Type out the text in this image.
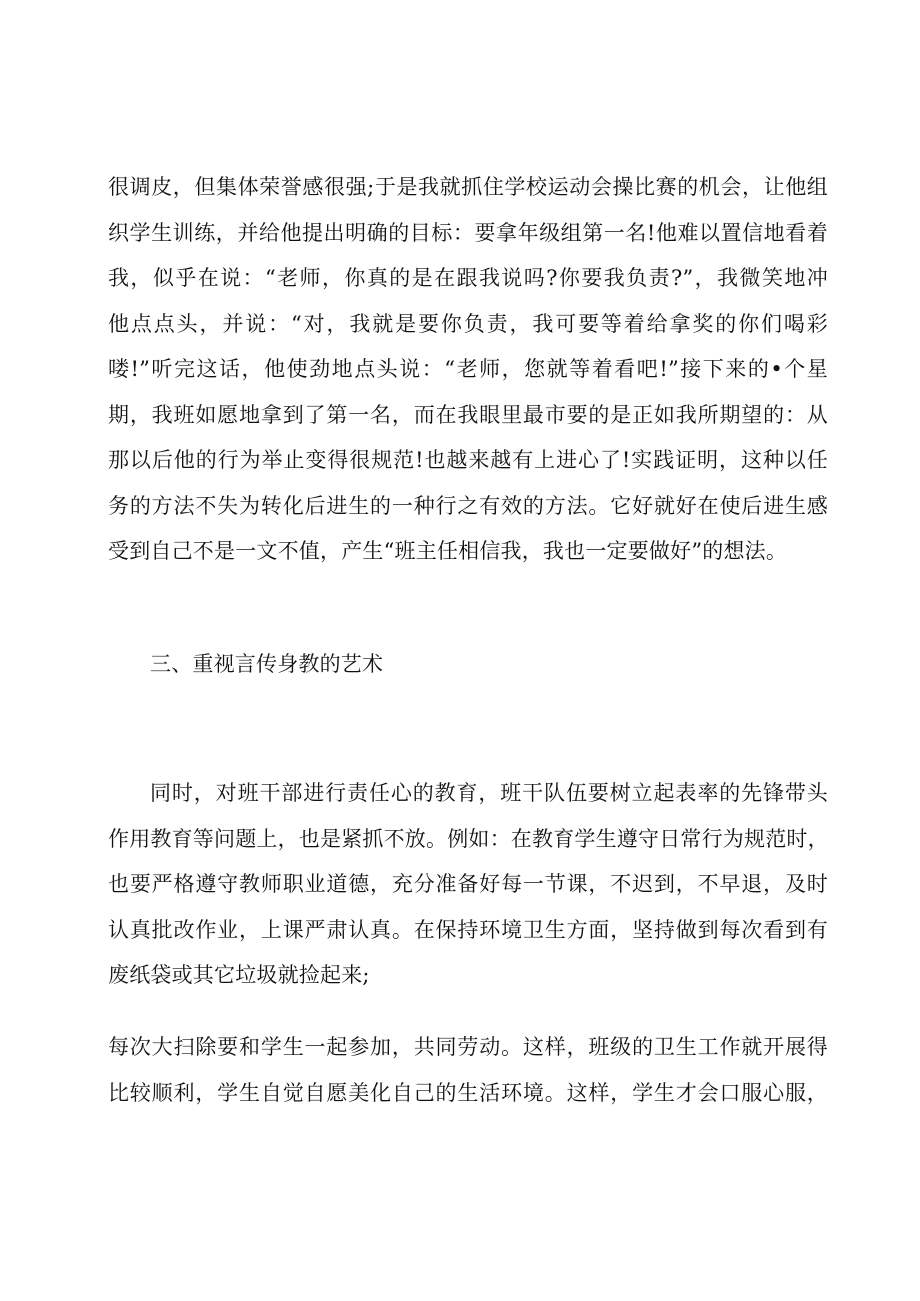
很调皮，但集体荣誉感很强;于是我就抓住学校运动会操比赛的机会，让他组
织学生训练，并给他提出明确的目标：要拿年级组第一名!他难以置信地看着
我，似乎在说：“老师，你真的是在跟我说吗?你要我负责?”，我微笑地冲
他点点头，并说：“对，我就是要你负责，我可要等着给拿奖的你们喝彩
喽!”听完这话，他使劲地点头说：“老师，您就等着看吧!”接下来的•个星
期，我班如愿地拿到了第一名，而在我眼里最市要的是正如我所期望的：从
那以后他的行为举止变得很规范!也越来越有上进心了!实践证明，这种以任
务的方法不失为转化后进生的一种行之有效的方法。它好就好在使后进生感
受到自己不是一文不值，产生“班主任相信我，我也一定要做好”的想法。
三、重视言传身教的艺术
同时，对班干部进行责任心的教育，班干队伍要树立起表率的先锋带头
作用教育等问题上，也是紧抓不放。例如：在教育学生遵守日常行为规范时，
也要严格遵守教师职业道德，充分准备好每一节课，不迟到，不早退，及时
认真批改作业，上课严肃认真。在保持环境卫生方面，坚持做到每次看到有
废纸袋或其它垃圾就捡起来;
每次大扫除要和学生一起参加，共同劳动。这样，班级的卫生工作就开展得
比较顺利，学生自觉自愿美化自己的生活环境。这样，学生才会口服心服，
